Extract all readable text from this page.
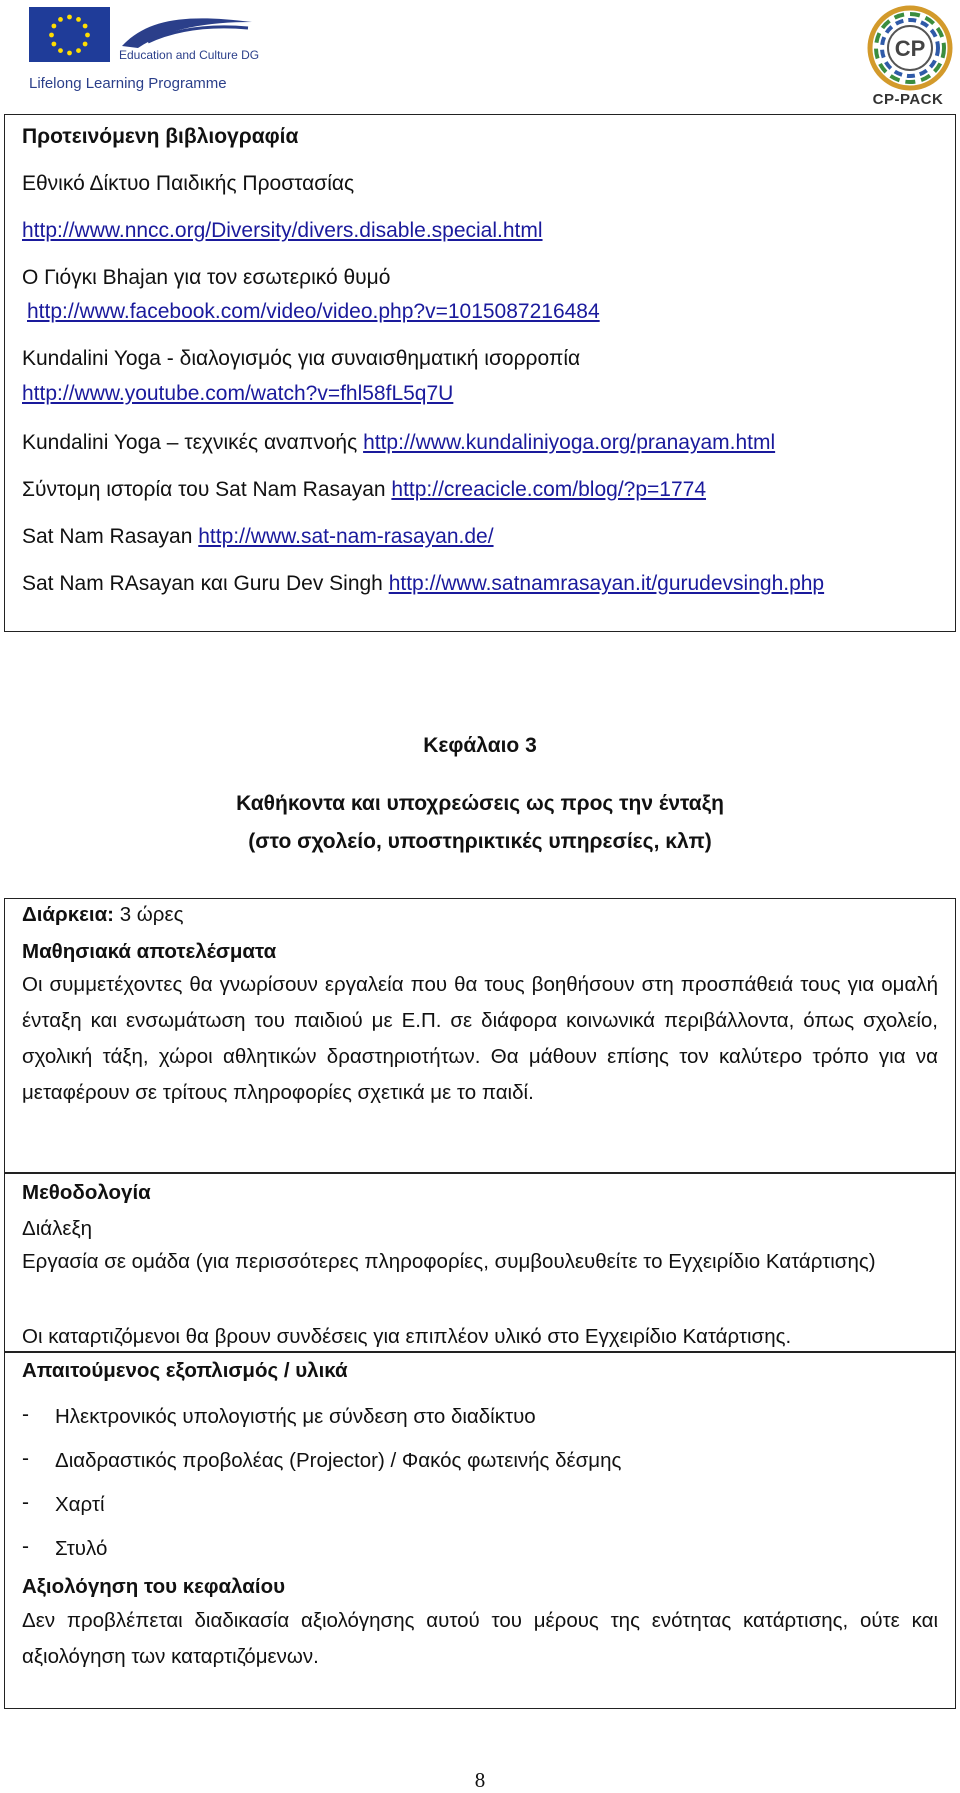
Education and Culture DG
Lifelong Learning Programme
CP
CP-PACK
Προτεινόμενη βιβλιογραφία
Εθνικό Δίκτυο Παιδικής Προστασίας
http://www.nncc.org/Diversity/divers.disable.special.html
Ο Γιόγκι Bhajan για τον εσωτερικό θυμό
http://www.facebook.com/video/video.php?v=1015087216484
Kundalini Yoga - διαλογισμός για συναισθηματική ισορροπία
http://www.youtube.com/watch?v=fhl58fL5q7U
Kundalini Yoga – τεχνικές αναπνοής http://www.kundaliniyoga.org/pranayam.html
Σύντομη ιστορία του Sat Nam Rasayan http://creacicle.com/blog/?p=1774
Sat Nam Rasayan http://www.sat-nam-rasayan.de/
Sat Nam RAsayan και Guru Dev Singh http://www.satnamrasayan.it/gurudevsingh.php
Κεφάλαιο 3
Καθήκοντα και υποχρεώσεις ως προς την ένταξη
(στο σχολείο, υποστηρικτικές υπηρεσίες, κλπ)
Διάρκεια: 3 ώρες
Μαθησιακά αποτελέσματα
Οι συμμετέχοντες θα γνωρίσουν εργαλεία που θα τους βοηθήσουν στη προσπάθειά τους για ομαλή ένταξη και ενσωμάτωση του παιδιού με Ε.Π. σε διάφορα κοινωνικά περιβάλλοντα, όπως σχολείο, σχολική τάξη, χώροι αθλητικών δραστηριοτήτων. Θα μάθουν επίσης τον καλύτερο τρόπο για να μεταφέρουν σε τρίτους πληροφορίες σχετικά με το παιδί.
Μεθοδολογία
Διάλεξη
Εργασία σε ομάδα (για περισσότερες πληροφορίες, συμβουλευθείτε το Εγχειρίδιο Κατάρτισης)
Οι καταρτιζόμενοι θα βρουν συνδέσεις για επιπλέον υλικό στο Εγχειρίδιο Κατάρτισης.
Απαιτούμενος εξοπλισμός / υλικά
- Ηλεκτρονικός υπολογιστής με σύνδεση στο διαδίκτυο
- Διαδραστικός προβολέας (Projector) / Φακός φωτεινής δέσμης
- Χαρτί
- Στυλό
Αξιολόγηση του κεφαλαίου
Δεν προβλέπεται διαδικασία αξιολόγησης αυτού του μέρους της ενότητας κατάρτισης, ούτε και αξιολόγηση των καταρτιζόμενων.
8
